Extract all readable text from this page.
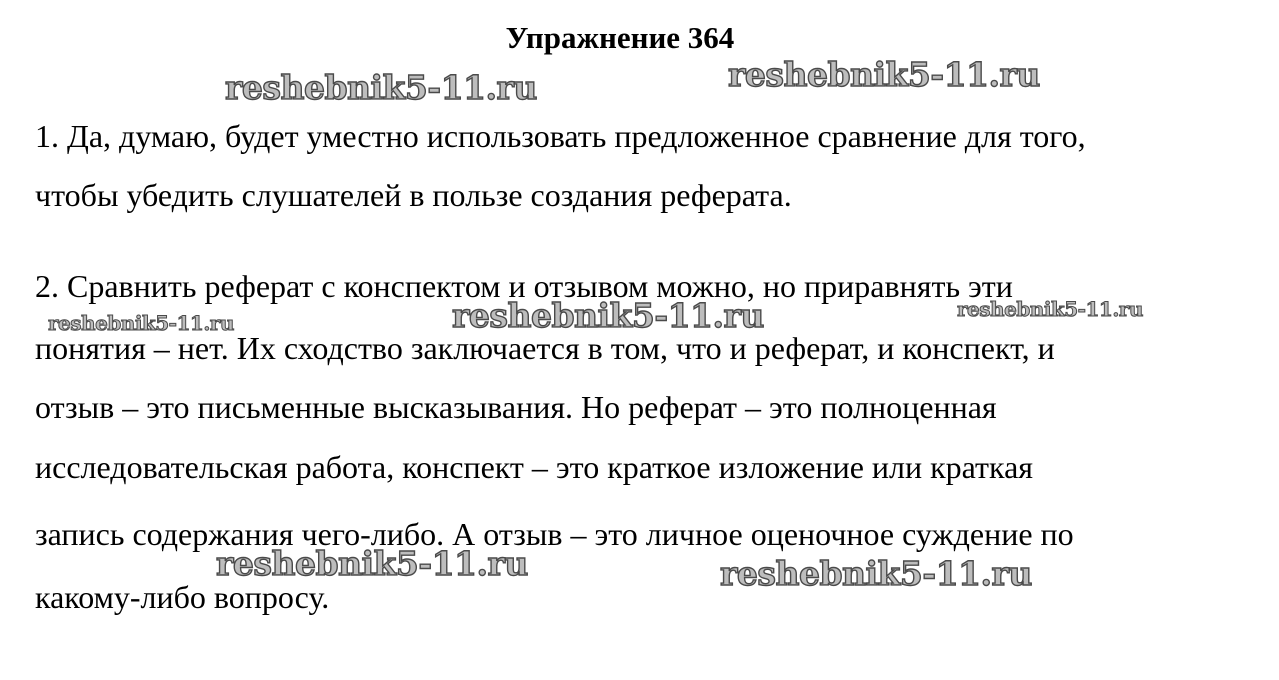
Упражнение 364
1. Да, думаю, будет уместно использовать предложенное сравнение для того,
чтобы убедить слушателей в пользе создания реферата.
2. Сравнить реферат с конспектом и отзывом можно, но приравнять эти
понятия – нет. Их сходство заключается в том, что и реферат, и конспект, и
отзыв – это письменные высказывания. Но реферат – это полноценная
исследовательская работа, конспект – это краткое изложение или краткая
запись содержания чего-либо. А отзыв – это личное оценочное суждение по
какому-либо вопросу.
reshebnik5-11.ru	reshebnik5-11.ru
reshebnik5-11.ru	reshebnik5-11.ru	reshebnik5-11.ru
reshebnik5-11.ru	reshebnik5-11.ru
